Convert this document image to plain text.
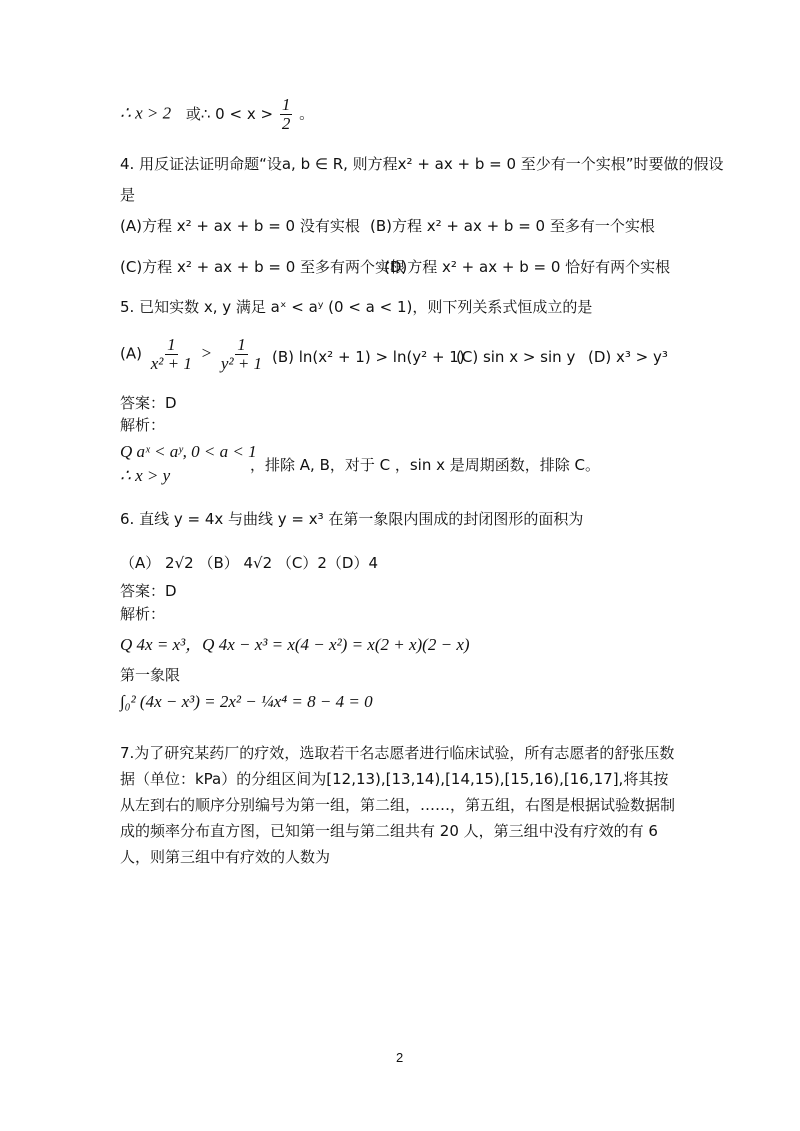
∴ x > 2 或∴ $0 < x > \frac{1}{2}$ 。
4. 用反证法证明命题“设a, b ∈ R, 则方程x² + ax + b = 0 至少有一个实根”时要做的假设
是
(A)方程 x² + ax + b = 0 没有实根 (B)方程 x² + ax + b = 0 至多有一个实根
(C)方程 x² + ax + b = 0 至多有两个实根
(D)方程 x² + ax + b = 0 恰好有两个实根
5. 已知实数 x, y 满足 aˣ < aʸ (0 < a < 1)，则下列关系式恒成立的是
$(A) \frac{1}{\text{x² + 1}} > \frac{1}{\text{y² + 1}} (B) \ln(x^2 + 1) > \ln(y^2 + 1)$
(C) sin x > sin y (D) x³ > y³
答案：D
解析：
Q aˣ < aʸ, 0 < a < 1
∴ x > y
，排除 A, B，对于 C ，sin x 是周期函数，排除 C。
6. 直线 y = 4x 与曲线 y = x³ 在第一象限内围成的封闭图形的面积为
（A） 2√2 （B） 4√2 （C）2（D）4
答案：D
解析：
Q 4x = x³，Q 4x − x³ = x(4 − x²) = x(2 + x)(2 − x)
第一象限
∫₀² (4x − x³) = 2x² − ¼x⁴ = 8 − 4 = 0
7.为了研究某药厂的疗效，选取若干名志愿者进行临床试验，所有志愿者的舒张压数据（单位：kPa）的分组区间为[12,13),[13,14),[14,15),[15,16),[16,17],将其按从左到右的顺序分别编号为第一组，第二组，……，第五组，右图是根据试验数据制成的频率分布直方图，已知第一组与第二组共有 20 人，第三组中没有疗效的有 6 人，则第三组中有疗效的人数为
2
